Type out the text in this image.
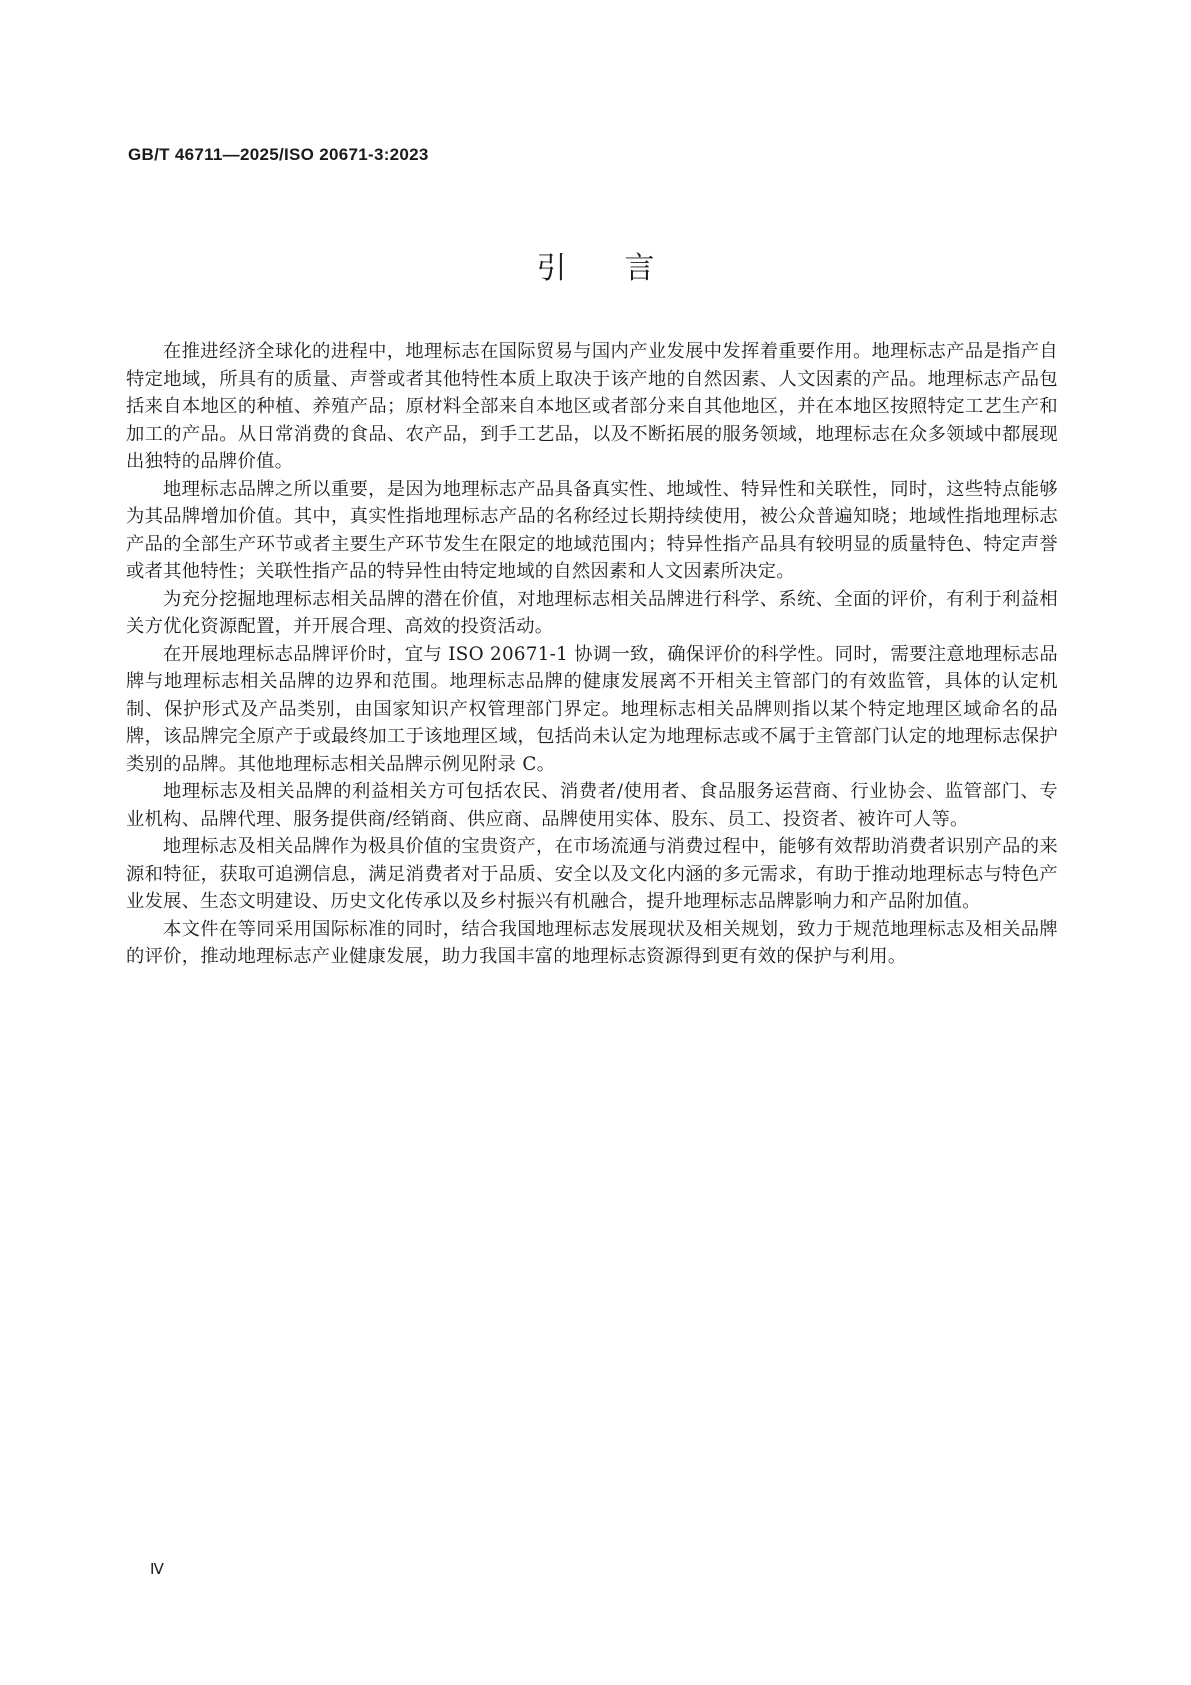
GB/T 46711—2025/ISO 20671-3:2023
引言

在推进经济全球化的进程中，地理标志在国际贸易与国内产业发展中发挥着重要作用。地理标志产品是指产自特定地域，所具有的质量、声誉或者其他特性本质上取决于该产地的自然因素、人文因素的产品。地理标志产品包括来自本地区的种植、养殖产品；原材料全部来自本地区或者部分来自其他地区，并在本地区按照特定工艺生产和加工的产品。从日常消费的食品、农产品，到手工艺品，以及不断拓展的服务领域，地理标志在众多领域中都展现出独特的品牌价值。

地理标志品牌之所以重要，是因为地理标志产品具备真实性、地域性、特异性和关联性，同时，这些特点能够为其品牌增加价值。其中，真实性指地理标志产品的名称经过长期持续使用，被公众普遍知晓；地域性指地理标志产品的全部生产环节或者主要生产环节发生在限定的地域范围内；特异性指产品具有较明显的质量特色、特定声誉或者其他特性；关联性指产品的特异性由特定地域的自然因素和人文因素所决定。

为充分挖掘地理标志相关品牌的潜在价值，对地理标志相关品牌进行科学、系统、全面的评价，有利于利益相关方优化资源配置，并开展合理、高效的投资活动。

在开展地理标志品牌评价时，宜与 ISO 20671-1 协调一致，确保评价的科学性。同时，需要注意地理标志品牌与地理标志相关品牌的边界和范围。地理标志品牌的健康发展离不开相关主管部门的有效监管，具体的认定机制、保护形式及产品类别，由国家知识产权管理部门界定。地理标志相关品牌则指以某个特定地理区域命名的品牌，该品牌完全原产于或最终加工于该地理区域，包括尚未认定为地理标志或不属于主管部门认定的地理标志保护类别的品牌。其他地理标志相关品牌示例见附录 C。

地理标志及相关品牌的利益相关方可包括农民、消费者/使用者、食品服务运营商、行业协会、监管部门、专业机构、品牌代理、服务提供商/经销商、供应商、品牌使用实体、股东、员工、投资者、被许可人等。

地理标志及相关品牌作为极具价值的宝贵资产，在市场流通与消费过程中，能够有效帮助消费者识别产品的来源和特征，获取可追溯信息，满足消费者对于品质、安全以及文化内涵的多元需求，有助于推动地理标志与特色产业发展、生态文明建设、历史文化传承以及乡村振兴有机融合，提升地理标志品牌影响力和产品附加值。

本文件在等同采用国际标准的同时，结合我国地理标志发展现状及相关规划，致力于规范地理标志及相关品牌的评价，推动地理标志产业健康发展，助力我国丰富的地理标志资源得到更有效的保护与利用。

Ⅳ
